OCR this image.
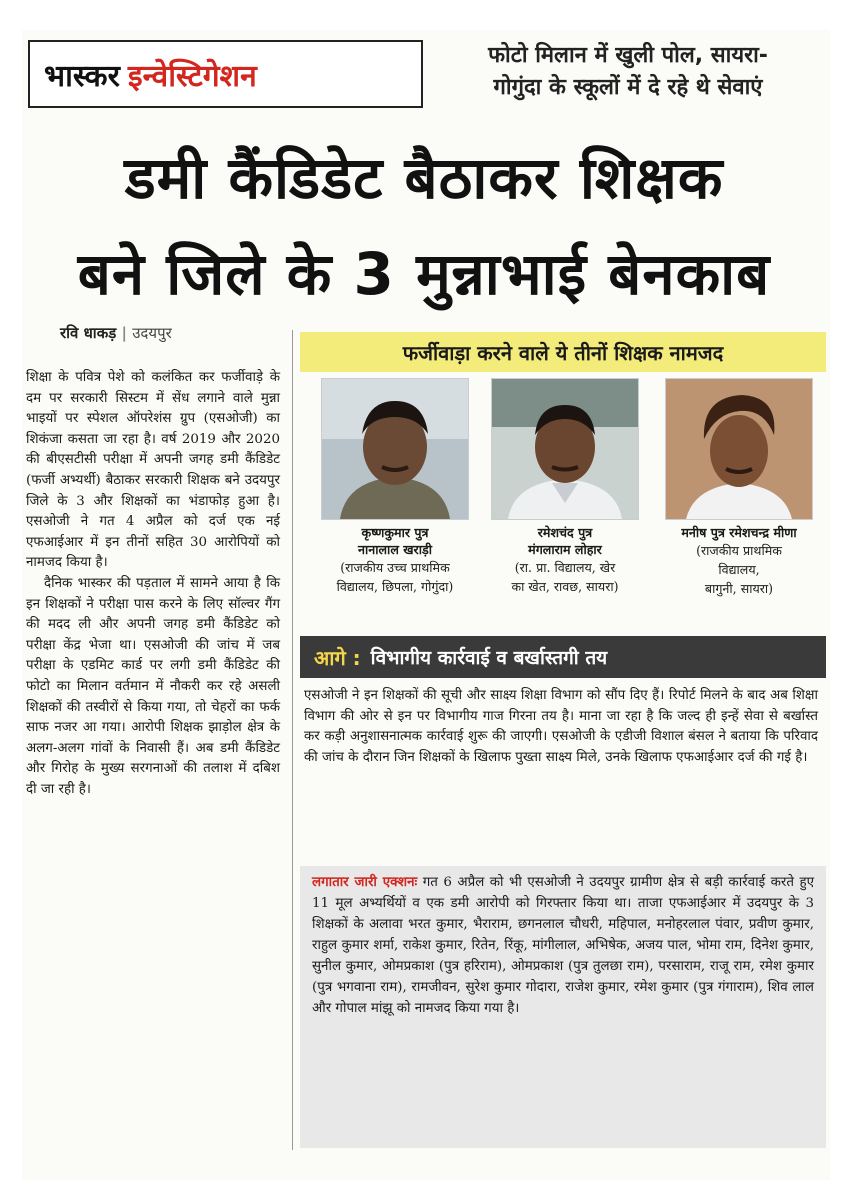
भास्कर इन्वेस्टिगेशन
फोटो मिलान में खुली पोल, सायरा-
गोगुंदा के स्कूलों में दे रहे थे सेवाएं
डमी कैंडिडेट बैठाकर शिक्षक
बने जिले के 3 मुन्नाभाई बेनकाब
रवि धाकड़ | उदयपुर

शिक्षा के पवित्र पेशे को कलंकित कर फर्जीवाड़े के दम पर सरकारी सिस्टम में सेंध लगाने वाले मुन्ना भाइयों पर स्पेशल ऑपरेशंस ग्रुप (एसओजी) का शिकंजा कसता जा रहा है। वर्ष 2019 और 2020 की बीएसटीसी परीक्षा में अपनी जगह डमी कैंडिडेट (फर्जी अभ्यर्थी) बैठाकर सरकारी शिक्षक बने उदयपुर जिले के 3 और शिक्षकों का भंडाफोड़ हुआ है। एसओजी ने गत 4 अप्रैल को दर्ज एक नई एफआईआर में इन तीनों सहित 30 आरोपियों को नामजद किया है।

दैनिक भास्कर की पड़ताल में सामने आया है कि इन शिक्षकों ने परीक्षा पास करने के लिए सॉल्वर गैंग की मदद ली और अपनी जगह डमी कैंडिडेट को परीक्षा केंद्र भेजा था। एसओजी की जांच में जब परीक्षा के एडमिट कार्ड पर लगी डमी कैंडिडेट की फोटो का मिलान वर्तमान में नौकरी कर रहे असली शिक्षकों की तस्वीरों से किया गया, तो चेहरों का फर्क साफ नजर आ गया। आरोपी शिक्षक झाड़ोल क्षेत्र के अलग-अलग गांवों के निवासी हैं। अब डमी कैंडिडेट और गिरोह के मुख्य सरगनाओं की तलाश में दबिश दी जा रही है।

फर्जीवाड़ा करने वाले ये तीनों शिक्षक नामजद
कृष्णकुमार पुत्र
नानालाल खराड़ी
(राजकीय उच्च प्राथमिक
विद्यालय, छिपला, गोगुंदा)
रमेशचंद पुत्र
मंगलाराम लोहार
(रा. प्रा. विद्यालय, खेर
का खेत, रावछ, सायरा)
मनीष पुत्र रमेशचन्द्र मीणा
(राजकीय प्राथमिक
विद्यालय,
बागुनी, सायरा)
आगे : विभागीय कार्रवाई व बर्खास्तगी तय
एसओजी ने इन शिक्षकों की सूची और साक्ष्य शिक्षा विभाग को सौंप दिए हैं। रिपोर्ट मिलने के बाद अब शिक्षा विभाग की ओर से इन पर विभागीय गाज गिरना तय है। माना जा रहा है कि जल्द ही इन्हें सेवा से बर्खास्त कर कड़ी अनुशासनात्मक कार्रवाई शुरू की जाएगी। एसओजी के एडीजी विशाल बंसल ने बताया कि परिवाद की जांच के दौरान जिन शिक्षकों के खिलाफ पुख्ता साक्ष्य मिले, उनके खिलाफ एफआईआर दर्ज की गई है।
लगातार जारी एक्शनः गत 6 अप्रैल को भी एसओजी ने उदयपुर ग्रामीण क्षेत्र से बड़ी कार्रवाई करते हुए 11 मूल अभ्यर्थियों व एक डमी आरोपी को गिरफ्तार किया था। ताजा एफआईआर में उदयपुर के 3 शिक्षकों के अलावा भरत कुमार, भैराराम, छगनलाल चौधरी, महिपाल, मनोहरलाल पंवार, प्रवीण कुमार, राहुल कुमार शर्मा, राकेश कुमार, रितेन, रिंकू, मांगीलाल, अभिषेक, अजय पाल, भोमा राम, दिनेश कुमार, सुनील कुमार, ओमप्रकाश (पुत्र हरिराम), ओमप्रकाश (पुत्र तुलछा राम), परसाराम, राजू राम, रमेश कुमार (पुत्र भगवाना राम), रामजीवन, सुरेश कुमार गोदारा, राजेश कुमार, रमेश कुमार (पुत्र गंगाराम), शिव लाल और गोपाल मांझू को नामजद किया गया है।
